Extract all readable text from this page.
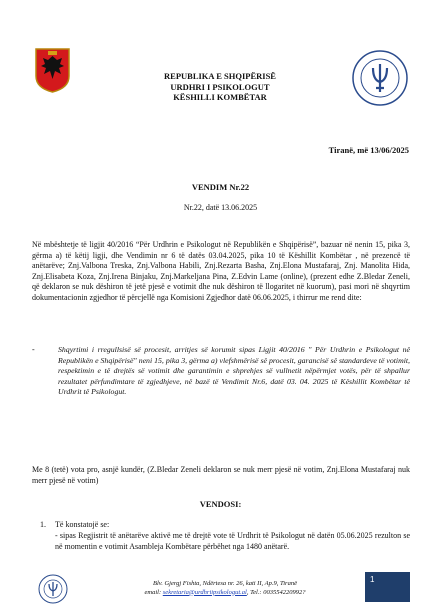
REPUBLIKA E SHQIPËRISË
URDHRI I PSIKOLOGUT
KËSHILLI KOMBËTAR
Tiranë, më 13/06/2025
VENDIM Nr.22
Nr.22, datë 13.06.2025
Në mbështetje të ligjit 40/2016 “Për Urdhrin e Psikologut në Republikën e Shqipërisë”, bazuar në nenin 15, pika 3, gërma a) të këtij ligji, dhe Vendimin nr 6 të datës 03.04.2025, pika 10 të Këshillit Kombëtar , në prezencë të anëtarëve; Znj.Valbona Treska, Znj.Valbona Habili, Znj.Rezarta Basha, Znj.Elona Mustafaraj, Znj. Manolita Hida, Znj.Elisabeta Koza, Znj.Irena Binjaku, Znj.Markeljana Pina, Z.Edvin Lame (online), (prezent edhe Z.Bledar Zeneli, që deklaron se nuk dëshiron të jetë pjesë e votimit dhe nuk dëshiron të llogaritet në kuorum), pasi mori në shqyrtim dokumentacionin zgjedhor të përcjellë nga Komisioni Zgjedhor datë 06.06.2025, i thirrur me rend dite:
-	Shqyrtimi i rregullsisë së procesit, arritjes së korumit sipas Ligjit 40/2016 " Për Urdhrin e Psikologut në Republikën e Shqipërisë" neni 15, pika 3, gërma a) vlefshmërisë së procesit, garancisë së standardeve të votimit, respektimin e të drejtës së votimit dhe garantimin e shprehjes së vullnetit nëpërmjet votës, për të shpallur rezultatet përfundimtare të zgjedhjeve, në bazë të Vendimit Nr.6, datë 03. 04. 2025 të Këshillit Kombëtar të Urdhrit të Psikologut.
Me 8 (tetë) vota pro, asnjë kundër, (Z.Bledar Zeneli deklaron se nuk merr pjesë në votim, Znj.Elona Mustafaraj nuk merr pjesë në votim)
VENDOSI:
1. Të konstatojë se:
- sipas Regjistrit të anëtarëve aktivë me të drejtë vote të Urdhrit të Psikologut në datën 05.06.2025 rezulton se në momentin e votimit Asambleja Kombëtare përbëhet nga 1480 anëtarë.
Blv. Gjergj Fishta, Ndërtesa nr. 26, kati II, Ap.9, Tiranë
email: sekretaria@urdhriipsikologut.al, Tel.: 003554220992?
1
